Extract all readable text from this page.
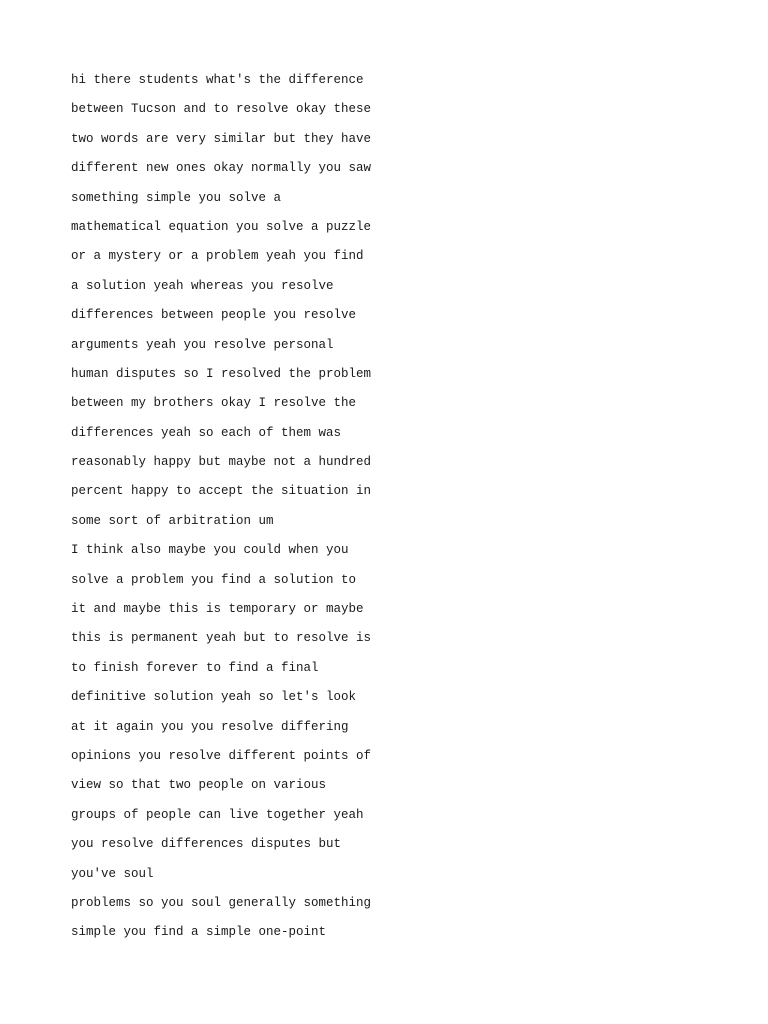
hi there students what's the difference
between Tucson and to resolve okay these
two words are very similar but they have
different new ones okay normally you saw
something simple you solve a
mathematical equation you solve a puzzle
or a mystery or a problem yeah you find
a solution yeah whereas you resolve
differences between people you resolve
arguments yeah you resolve personal
human disputes so I resolved the problem
between my brothers okay I resolve the
differences yeah so each of them was
reasonably happy but maybe not a hundred
percent happy to accept the situation in
some sort of arbitration um
I think also maybe you could when you
solve a problem you find a solution to
it and maybe this is temporary or maybe
this is permanent yeah but to resolve is
to finish forever to find a final
definitive solution yeah so let's look
at it again you you resolve differing
opinions you resolve different points of
view so that two people on various
groups of people can live together yeah
you resolve differences disputes but
you've soul
problems so you soul generally something
simple you find a simple one-point
